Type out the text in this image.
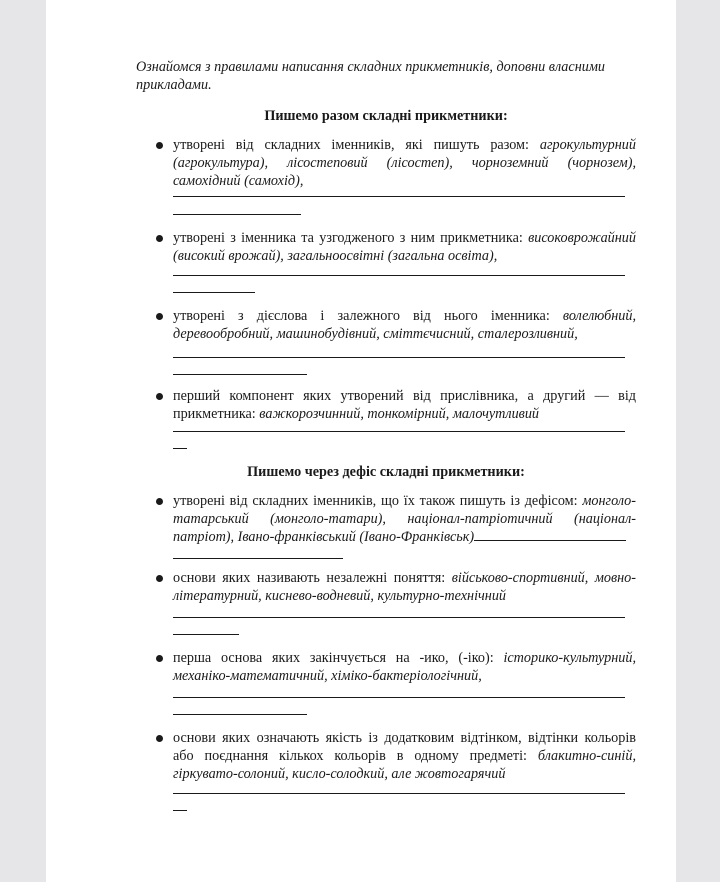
Ознайомся з правилами написання складних прикметників, доповни власними прикладами.

Пишемо разом складні прикметники:

утворені від складних іменників, які пишуть разом: агрокультурний (агрокультура), лісостеповий (лісостеп), чорноземний (чорнозем), самохідний (самохід),
утворені з іменника та узгодженого з ним прикметника: високоврожайний (високий врожай), загальноосвітні (загальна освіта),
утворені з дієслова і залежного від нього іменника: волелюбний, деревообробний, машинобудівний, сміттєчисний, сталерозливний,
перший компонент яких утворений від прислівника, а другий — від прикметника: важкорозчинний, тонкомірний, малочутливий

Пишемо через дефіс складні прикметники:

утворені від складних іменників, що їх також пишуть із дефісом: монголо-татарський (монголо-татари), націонал-патріотичний (націонал-патріот), Івано-франківський (Івано-Франківськ)
основи яких називають незалежні поняття: військово-спортивний, мовно-літературний, кисневo-водневий, культурно-технічний
перша основа яких закінчується на -ико, (-іко): історико-культурний, механіко-математичний, хіміко-бактеріологічний,
основи яких означають якість із додатковим відтінком, відтінки кольорів або поєднання кількох кольорів в одному предметі: блакитно-синій, гіркувато-солоний, кисло-солодкий, але жовтогарячий
